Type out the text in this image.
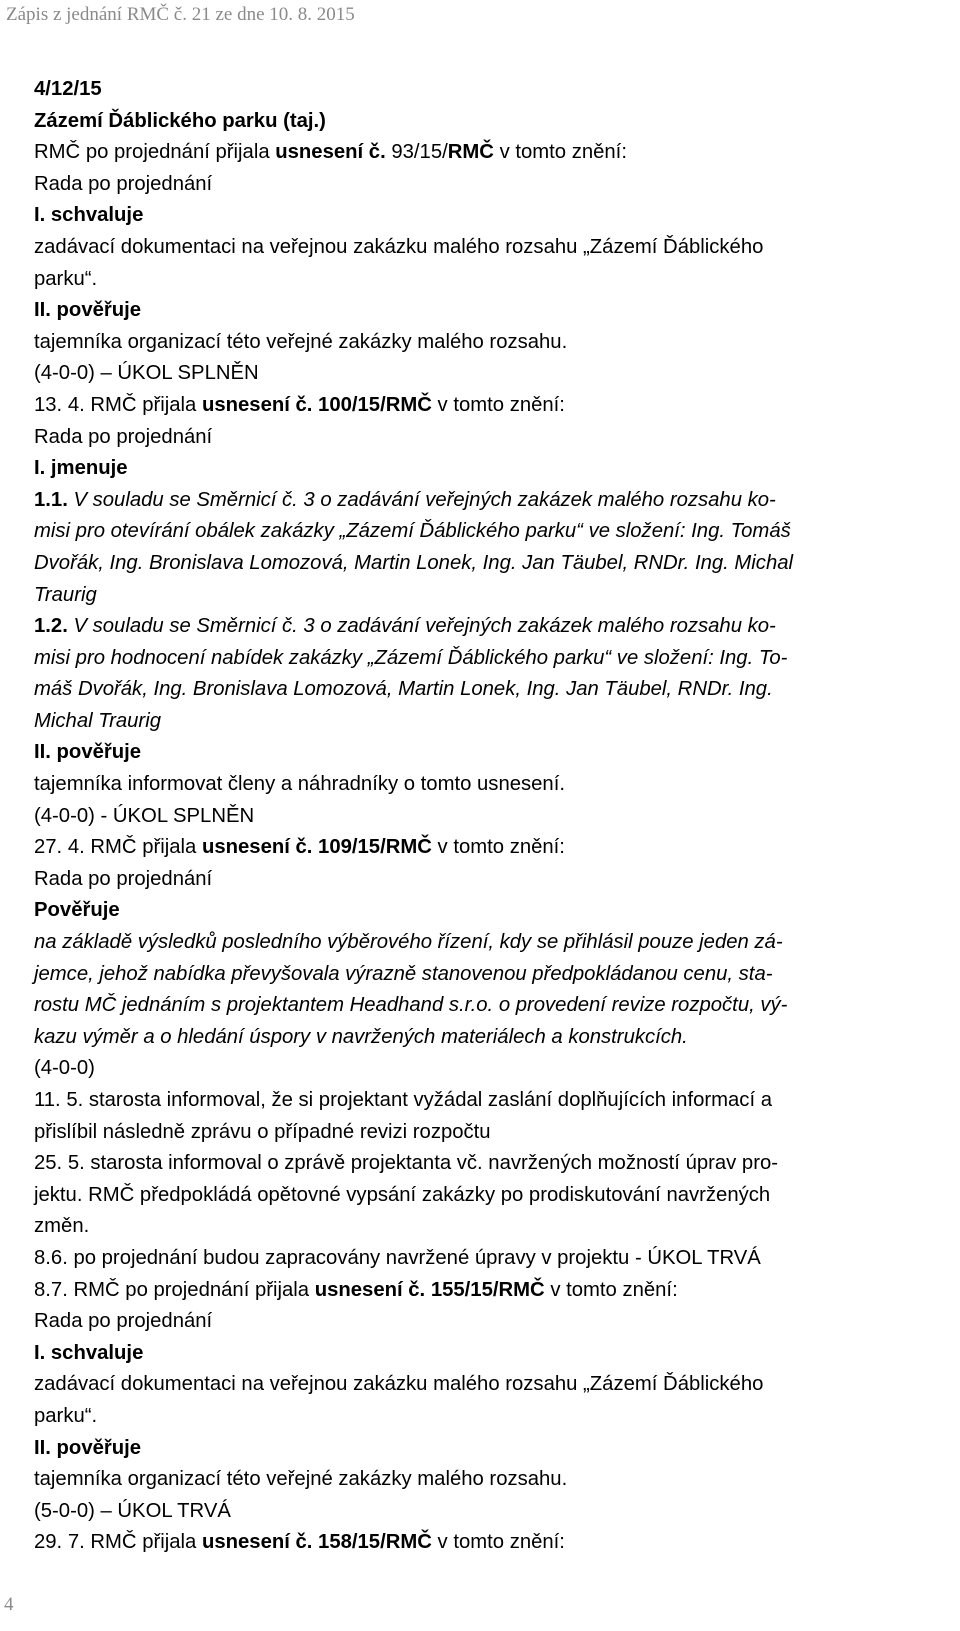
Zápis z jednání RMČ č. 21 ze dne 10. 8. 2015
4/12/15
Zázemí Ďáblického parku (taj.)
RMČ po projednání přijala usnesení č. 93/15/RMČ v tomto znění:
Rada po projednání
I. schvaluje
zadávací dokumentaci na veřejnou zakázku malého rozsahu „Zázemí Ďáblického
parku“.
II. pověřuje
tajemníka organizací této veřejné zakázky malého rozsahu.
(4-0-0) – ÚKOL SPLNĚN
13. 4. RMČ přijala usnesení č. 100/15/RMČ v tomto znění:
Rada po projednání
I. jmenuje
1.1. V souladu se Směrnicí č. 3 o zadávání veřejných zakázek malého rozsahu ko-
misi pro otevírání obálek zakázky „Zázemí Ďáblického parku“ ve složení: Ing. Tomáš
Dvořák, Ing. Bronislava Lomozová, Martin Lonek, Ing. Jan Täubel, RNDr. Ing. Michal
Traurig
1.2. V souladu se Směrnicí č. 3 o zadávání veřejných zakázek malého rozsahu ko-
misi pro hodnocení nabídek zakázky „Zázemí Ďáblického parku“ ve složení: Ing. To-
máš Dvořák, Ing. Bronislava Lomozová, Martin Lonek, Ing. Jan Täubel, RNDr. Ing.
Michal Traurig
II. pověřuje
tajemníka informovat členy a náhradníky o tomto usnesení.
(4-0-0) - ÚKOL SPLNĚN
27. 4. RMČ přijala usnesení č. 109/15/RMČ v tomto znění:
Rada po projednání
Pověřuje
na základě výsledků posledního výběrového řízení, kdy se přihlásil pouze jeden zá-
jemce, jehož nabídka převyšovala výrazně stanovenou předpokládanou cenu, sta-
rostu MČ jednáním s projektantem Headhand s.r.o. o provedení revize rozpočtu, vý-
kazu výměr a o hledání úspory v navržených materiálech a konstrukcích.
(4-0-0)
11. 5. starosta informoval, že si projektant vyžádal zaslání doplňujících informací a
přislíbil následně zprávu o případné revizi rozpočtu
25. 5. starosta informoval o zprávě projektanta vč. navržených možností úprav pro-
jektu. RMČ předpokládá opětovné vypsání zakázky po prodiskutování navržených
změn.
8.6. po projednání budou zapracovány navržené úpravy v projektu - ÚKOL TRVÁ
8.7. RMČ po projednání přijala usnesení č. 155/15/RMČ v tomto znění:
Rada po projednání
I. schvaluje
zadávací dokumentaci na veřejnou zakázku malého rozsahu „Zázemí Ďáblického
parku“.
II. pověřuje
tajemníka organizací této veřejné zakázky malého rozsahu.
(5-0-0) – ÚKOL TRVÁ
29. 7. RMČ přijala usnesení č. 158/15/RMČ v tomto znění:
4
